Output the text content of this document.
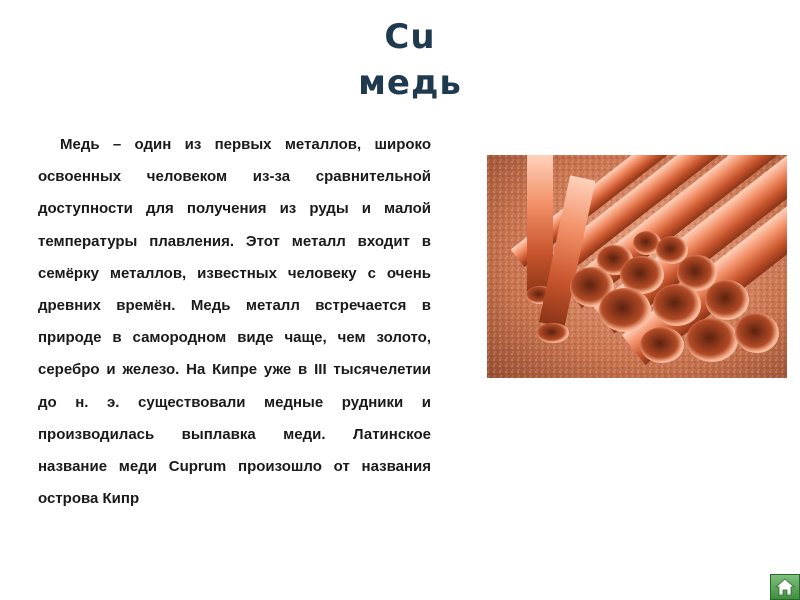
Cu
медь

Медь – один из первых металлов, широко освоенных человеком из-за сравнительной доступности для получения из руды и малой температуры плавления. Этот металл входит в семёрку металлов, известных человеку с очень древних времён. Медь металл встречается в природе в самородном виде чаще, чем золото, серебро и железо. На Кипре уже в III тысячелетии до н. э. существовали медные рудники и производилась выплавка меди. Латинское название меди Cuprum произошло от названия острова Кипр
